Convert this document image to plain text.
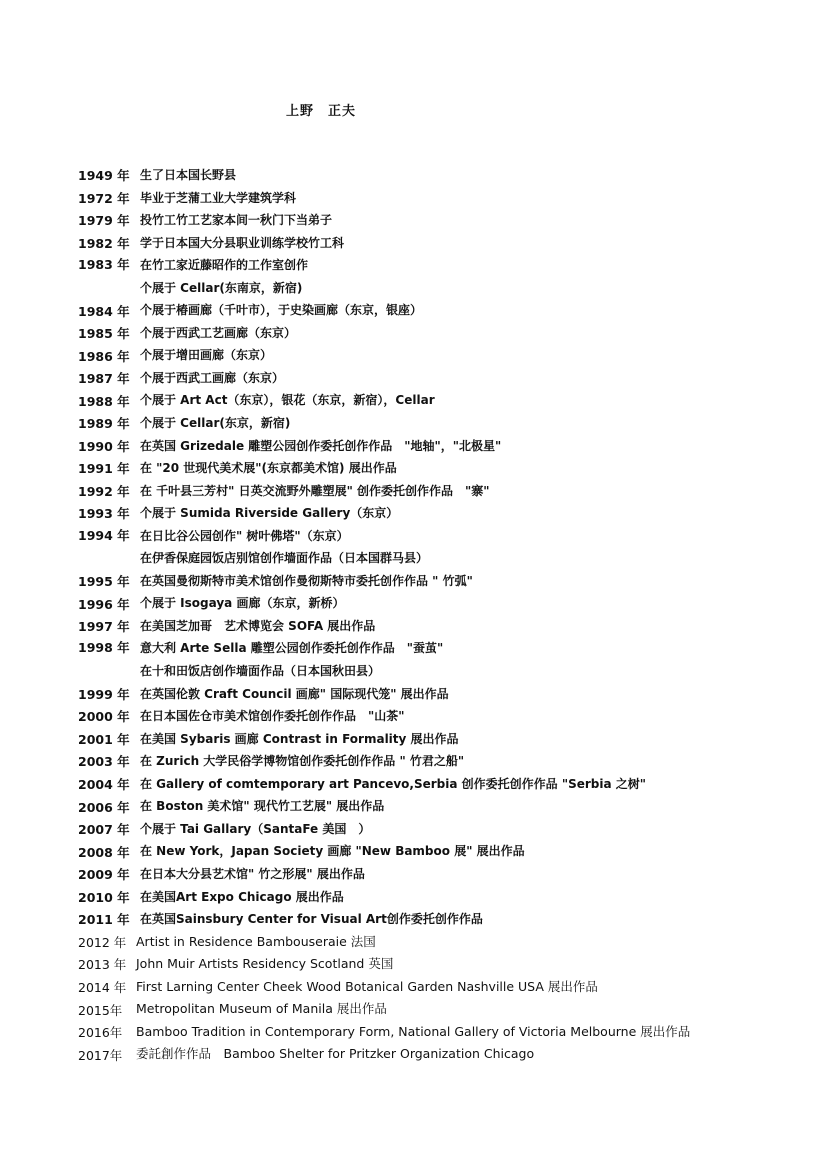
上野　正夫
1949 年 生了日本国长野县
1972 年 毕业于芝蒲工业大学建筑学科
1979 年 投竹工竹工艺家本间一秋门下当弟子
1982 年 学于日本国大分县职业训练学校竹工科
1983 年 在竹工家近藤昭作的工作室创作
个展于 Cellar(东南京，新宿)
1984 年 个展于椿画廊（千叶市），于史染画廊（东京，银座）
1985 年 个展于西武工艺画廊（东京）
1986 年 个展于增田画廊（东京）
1987 年 个展于西武工画廊（东京）
1988 年 个展于 Art Act（东京），银花（东京，新宿），Cellar
1989 年 个展于 Cellar(东京，新宿)
1990 年 在英国 Grizedale 雕塑公园创作委托创作作品　"地轴"，"北极星"
1991 年 在 "20 世现代美术展"(东京都美术馆) 展出作品
1992 年 在 千叶县三芳村" 日英交流野外雕塑展" 创作委托创作作品　"寨"
1993 年 个展于 Sumida Riverside Gallery（东京）
1994 年 在日比谷公园创作" 树叶佛塔"（东京）
在伊香保庭园饭店别馆创作墙面作品（日本国群马县）
1995 年 在英国曼彻斯特市美术馆创作曼彻斯特市委托创作作品 " 竹弧"
1996 年 个展于 Isogaya 画廊（东京，新桥）
1997 年 在美国芝加哥　艺术博览会 SOFA 展出作品
1998 年 意大利 Arte Sella 雕塑公园创作委托创作作品　"蚕茧"
在十和田饭店创作墙面作品（日本国秋田县）
1999 年 在英国伦敦 Craft Council 画廊" 国际现代笼" 展出作品
2000 年 在日本国佐仓市美术馆创作委托创作作品　"山茶"
2001 年 在美国 Sybaris 画廊 Contrast in Formality 展出作品
2003 年 在 Zurich 大学民俗学博物馆创作委托创作作品 " 竹君之船"
2004 年 在 Gallery of comtemporary art Pancevo,Serbia 创作委托创作作品 "Serbia 之树"
2006 年 在 Boston 美术馆" 现代竹工艺展" 展出作品
2007 年 个展于 Tai Gallary（SantaFe 美国　）
2008 年 在 New York，Japan Society 画廊 "New Bamboo 展" 展出作品
2009 年 在日本大分县艺术馆" 竹之形展" 展出作品
2010 年 在美国Art Expo Chicago 展出作品
2011 年 在英国Sainsbury Center for Visual Art创作委托创作作品
2012 年 Artist in Residence Bambouseraie 法国
2013 年 John Muir Artists Residency Scotland 英国
2014 年 First Larning Center Cheek Wood Botanical Garden Nashville USA 展出作品
2015年	Metropolitan Museum of Manila 展出作品
2016年	Bamboo Tradition in Contemporary Form, National Gallery of Victoria Melbourne 展出作品
2017年	委託創作作品　Bamboo Shelter for Pritzker Organization Chicago
